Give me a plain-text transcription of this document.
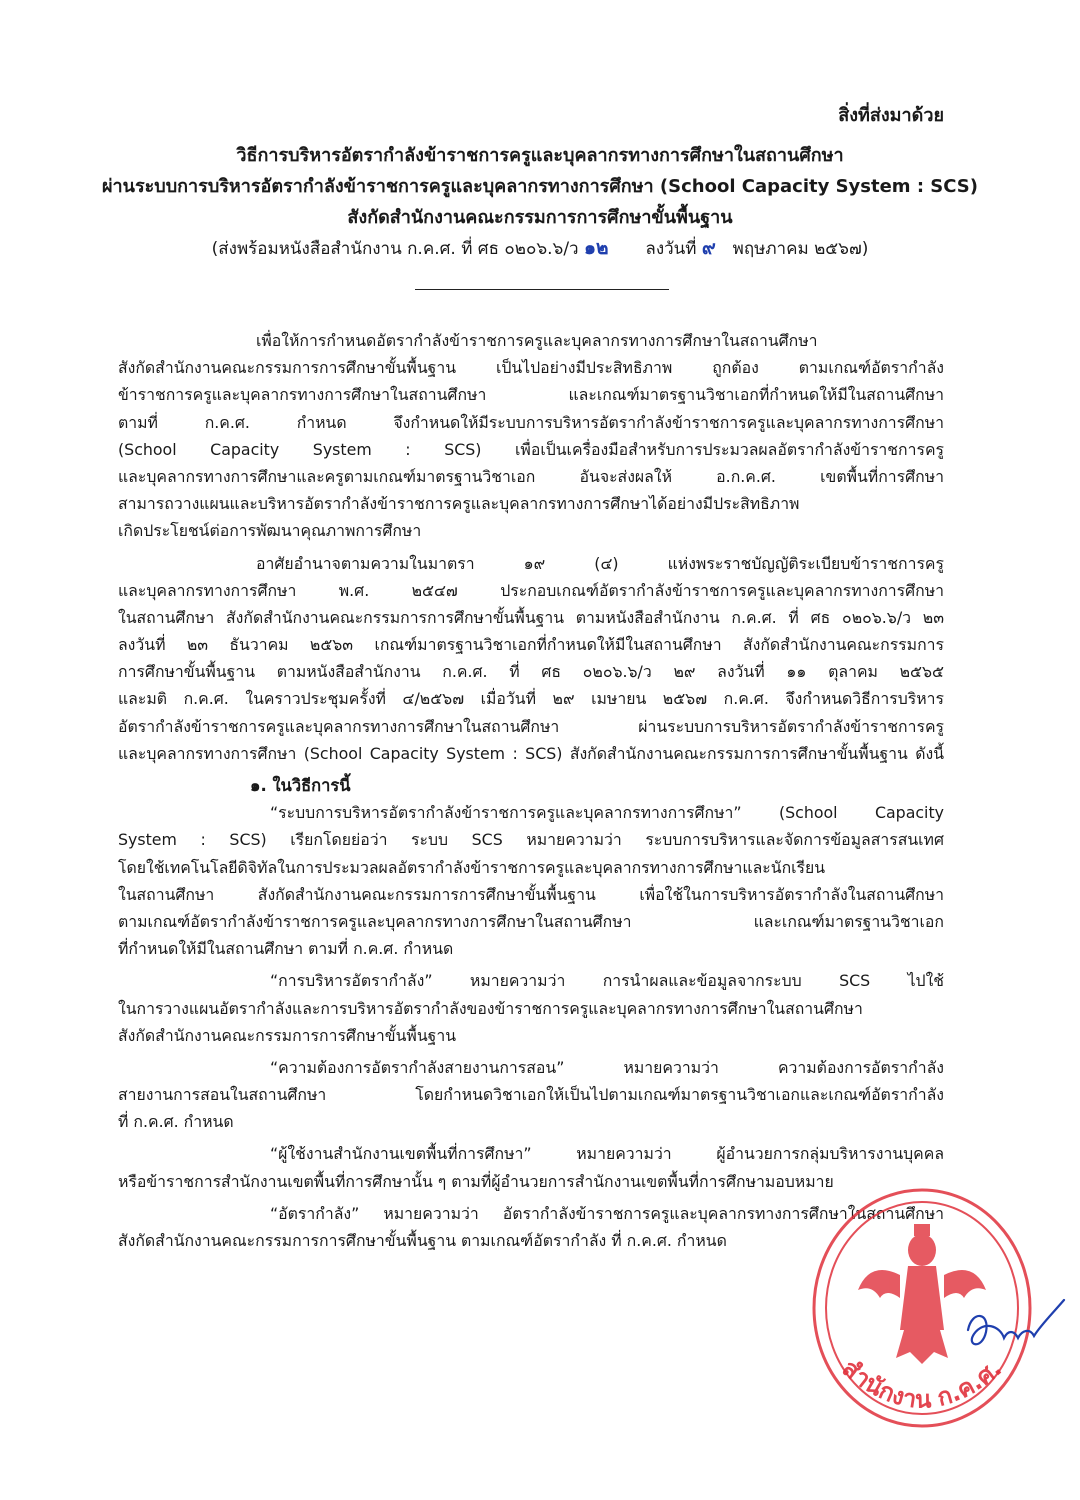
สิ่งที่ส่งมาด้วย
วิธีการบริหารอัตรากำลังข้าราชการครูและบุคลากรทางการศึกษาในสถานศึกษา
ผ่านระบบการบริหารอัตรากำลังข้าราชการครูและบุคลากรทางการศึกษา (School Capacity System : SCS)
สังกัดสำนักงานคณะกรรมการการศึกษาขั้นพื้นฐาน
(ส่งพร้อมหนังสือสำนักงาน ก.ค.ศ. ที่ ศธ ๐๒๐๖.๖/ว ๑๒ ลงวันที่ ๙ พฤษภาคม ๒๕๖๗)
เพื่อให้การกำหนดอัตรากำลังข้าราชการครูและบุคลากรทางการศึกษาในสถานศึกษา
สังกัดสำนักงานคณะกรรมการการศึกษาขั้นพื้นฐาน เป็นไปอย่างมีประสิทธิภาพ ถูกต้อง ตามเกณฑ์อัตรากำลัง
ข้าราชการครูและบุคลากรทางการศึกษาในสถานศึกษา และเกณฑ์มาตรฐานวิชาเอกที่กำหนดให้มีในสถานศึกษา
ตามที่ ก.ค.ศ. กำหนด จึงกำหนดให้มีระบบการบริหารอัตรากำลังข้าราชการครูและบุคลากรทางการศึกษา
(School Capacity System : SCS) เพื่อเป็นเครื่องมือสำหรับการประมวลผลอัตรากำลังข้าราชการครู
และบุคลากรทางการศึกษาและครูตามเกณฑ์มาตรฐานวิชาเอก อันจะส่งผลให้ อ.ก.ค.ศ. เขตพื้นที่การศึกษา
สามารถวางแผนและบริหารอัตรากำลังข้าราชการครูและบุคลากรทางการศึกษาได้อย่างมีประสิทธิภาพ
เกิดประโยชน์ต่อการพัฒนาคุณภาพการศึกษา
อาศัยอำนาจตามความในมาตรา ๑๙ (๔) แห่งพระราชบัญญัติระเบียบข้าราชการครู
และบุคลากรทางการศึกษา พ.ศ. ๒๕๔๗ ประกอบเกณฑ์อัตรากำลังข้าราชการครูและบุคลากรทางการศึกษา
ในสถานศึกษา สังกัดสำนักงานคณะกรรมการการศึกษาขั้นพื้นฐาน ตามหนังสือสำนักงาน ก.ค.ศ. ที่ ศธ ๐๒๐๖.๖/ว ๒๓
ลงวันที่ ๒๓ ธันวาคม ๒๕๖๓ เกณฑ์มาตรฐานวิชาเอกที่กำหนดให้มีในสถานศึกษา สังกัดสำนักงานคณะกรรมการ
การศึกษาขั้นพื้นฐาน ตามหนังสือสำนักงาน ก.ค.ศ. ที่ ศธ ๐๒๐๖.๖/ว ๒๙ ลงวันที่ ๑๑ ตุลาคม ๒๕๖๕
และมติ ก.ค.ศ. ในคราวประชุมครั้งที่ ๔/๒๕๖๗ เมื่อวันที่ ๒๙ เมษายน ๒๕๖๗ ก.ค.ศ. จึงกำหนดวิธีการบริหาร
อัตรากำลังข้าราชการครูและบุคลากรทางการศึกษาในสถานศึกษา ผ่านระบบการบริหารอัตรากำลังข้าราชการครู
และบุคลากรทางการศึกษา (School Capacity System : SCS) สังกัดสำนักงานคณะกรรมการการศึกษาขั้นพื้นฐาน ดังนี้
๑. ในวิธีการนี้
“ระบบการบริหารอัตรากำลังข้าราชการครูและบุคลากรทางการศึกษา” (School Capacity
System : SCS) เรียกโดยย่อว่า ระบบ SCS หมายความว่า ระบบการบริหารและจัดการข้อมูลสารสนเทศ
โดยใช้เทคโนโลยีดิจิทัลในการประมวลผลอัตรากำลังข้าราชการครูและบุคลากรทางการศึกษาและนักเรียน
ในสถานศึกษา สังกัดสำนักงานคณะกรรมการการศึกษาขั้นพื้นฐาน เพื่อใช้ในการบริหารอัตรากำลังในสถานศึกษา
ตามเกณฑ์อัตรากำลังข้าราชการครูและบุคลากรทางการศึกษาในสถานศึกษา และเกณฑ์มาตรฐานวิชาเอก
ที่กำหนดให้มีในสถานศึกษา ตามที่ ก.ค.ศ. กำหนด
“การบริหารอัตรากำลัง” หมายความว่า การนำผลและข้อมูลจากระบบ SCS ไปใช้
ในการวางแผนอัตรากำลังและการบริหารอัตรากำลังของข้าราชการครูและบุคลากรทางการศึกษาในสถานศึกษา
สังกัดสำนักงานคณะกรรมการการศึกษาขั้นพื้นฐาน
“ความต้องการอัตรากำลังสายงานการสอน” หมายความว่า ความต้องการอัตรากำลัง
สายงานการสอนในสถานศึกษา โดยกำหนดวิชาเอกให้เป็นไปตามเกณฑ์มาตรฐานวิชาเอกและเกณฑ์อัตรากำลัง
ที่ ก.ค.ศ. กำหนด
“ผู้ใช้งานสำนักงานเขตพื้นที่การศึกษา” หมายความว่า ผู้อำนวยการกลุ่มบริหารงานบุคคล
หรือข้าราชการสำนักงานเขตพื้นที่การศึกษานั้น ๆ ตามที่ผู้อำนวยการสำนักงานเขตพื้นที่การศึกษามอบหมาย
“อัตรากำลัง” หมายความว่า อัตรากำลังข้าราชการครูและบุคลากรทางการศึกษาในสถานศึกษา
สังกัดสำนักงานคณะกรรมการการศึกษาขั้นพื้นฐาน ตามเกณฑ์อัตรากำลัง ที่ ก.ค.ศ. กำหนด
สำนักงาน ก.ค.ศ.
